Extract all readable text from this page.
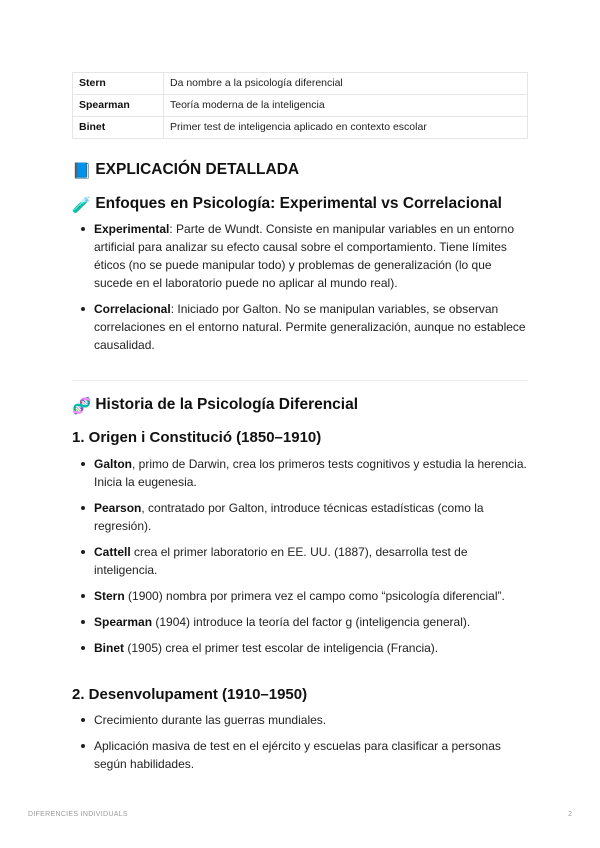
Stern	Da nombre a la psicología diferencial
Spearman	Teoría moderna de la inteligencia
Binet	Primer test de inteligencia aplicado en contexto escolar
📘 EXPLICACIÓN DETALLADA
🧪 Enfoques en Psicología: Experimental vs Correlacional
Experimental: Parte de Wundt. Consiste en manipular variables en un entorno artificial para analizar su efecto causal sobre el comportamiento. Tiene límites éticos (no se puede manipular todo) y problemas de generalización (lo que sucede en el laboratorio puede no aplicar al mundo real).
Correlacional: Iniciado por Galton. No se manipulan variables, se observan correlaciones en el entorno natural. Permite generalización, aunque no establece causalidad.
🧬 Historia de la Psicología Diferencial
1. Origen i Constitució (1850–1910)
Galton, primo de Darwin, crea los primeros tests cognitivos y estudia la herencia. Inicia la eugenesia.
Pearson, contratado por Galton, introduce técnicas estadísticas (como la regresión).
Cattell crea el primer laboratorio en EE. UU. (1887), desarrolla test de inteligencia.
Stern (1900) nombra por primera vez el campo como “psicología diferencial”.
Spearman (1904) introduce la teoría del factor g (inteligencia general).
Binet (1905) crea el primer test escolar de inteligencia (Francia).
2. Desenvolupament (1910–1950)
Crecimiento durante las guerras mundiales.
Aplicación masiva de test en el ejército y escuelas para clasificar a personas según habilidades.
DIFERENCIES INDIVIDUALS	2
